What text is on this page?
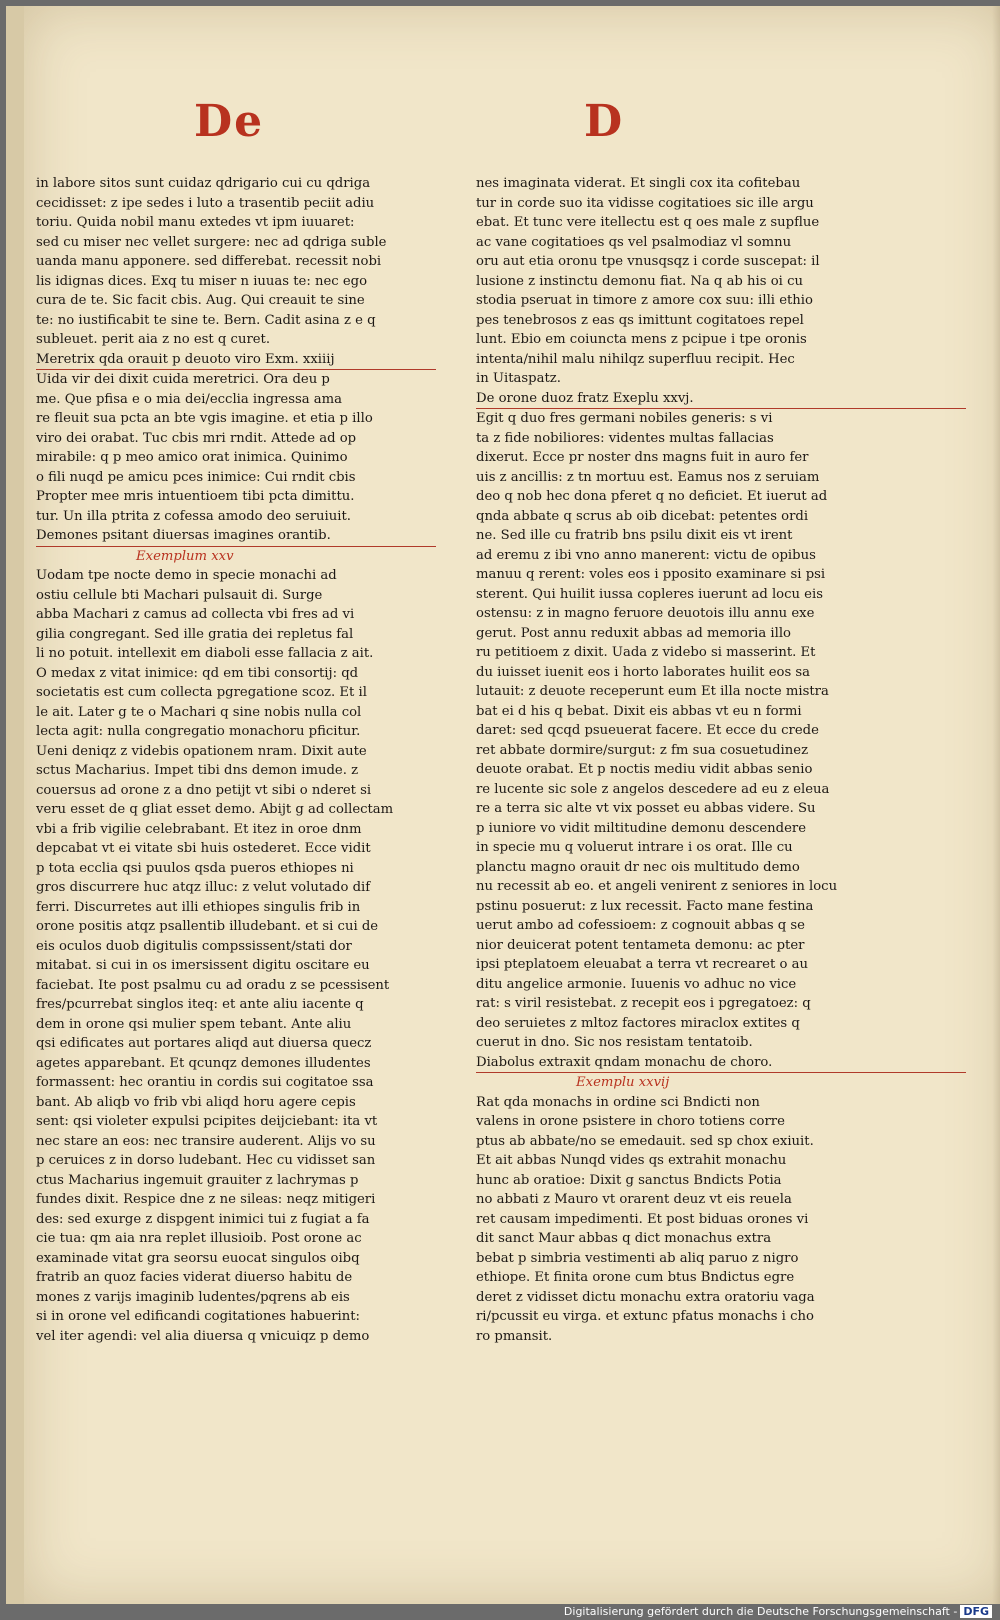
De	D
in labore sitos sunt cuidaz qdrigario cui cu qdriga
cecidisset: z ipe sedes i luto a trasentib peciit adiu
toriu. Quida nobil manu extedes vt ipm iuuaret:
sed cu miser nec vellet surgere: nec ad qdriga suble
uanda manu apponere. sed differebat. recessit nobi
lis idignas dices. Exq tu miser n iuuas te: nec ego
cura de te. Sic facit cbis. Aug. Qui creauit te sine
te: no iustificabit te sine te. Bern. Cadit asina z e q
subleuet. perit aia z no est q curet.
Meretrix qda orauit p deuoto viro Exm. xxiiij
Uida vir dei dixit cuida meretrici. Ora deu p
me. Que pfisa e o mia dei/ecclia ingressa ama
re fleuit sua pcta an bte vgis imagine. et etia p illo
viro dei orabat. Tuc cbis mri rndit. Attede ad op
mirabile: q p meo amico orat inimica. Quinimo
o fili nuqd pe amicu pces inimice: Cui rndit cbis
Propter mee mris intuentioem tibi pcta dimittu.
tur. Un illa ptrita z cofessa amodo deo seruiuit.
Demones psitant diuersas imagines orantib.
Exemplum xxv
Uodam tpe nocte demo in specie monachi ad
ostiu cellule bti Machari pulsauit di. Surge
abba Machari z camus ad collecta vbi fres ad vi
gilia congregant. Sed ille gratia dei repletus fal
li no potuit. intellexit em diaboli esse fallacia z ait.
O medax z vitat inimice: qd em tibi consortij: qd
societatis est cum collecta pgregatione scoz. Et il
le ait. Later g te o Machari q sine nobis nulla col
lecta agit: nulla congregatio monachoru pficitur.
Ueni deniqz z videbis opationem nram. Dixit aute
sctus Macharius. Impet tibi dns demon imude. z
couersus ad orone z a dno petijt vt sibi o nderet si
veru esset de q gliat esset demo. Abijt g ad collectam
vbi a frib vigilie celebrabant. Et itez in oroe dnm
depcabat vt ei vitate sbi huis ostederet. Ecce vidit
p tota ecclia qsi puulos qsda pueros ethiopes ni
gros discurrere huc atqz illuc: z velut volutado dif
ferri. Discurretes aut illi ethiopes singulis frib in
orone positis atqz psallentib illudebant. et si cui de
eis oculos duob digitulis compssissent/stati dor
mitabat. si cui in os imersissent digitu oscitare eu
faciebat. Ite post psalmu cu ad oradu z se pcessisent
fres/pcurrebat singlos iteq: et ante aliu iacente q
dem in orone qsi mulier spem tebant. Ante aliu
qsi edificates aut portares aliqd aut diuersa quecz
agetes apparebant. Et qcunqz demones illudentes
formassent: hec orantiu in cordis sui cogitatoe ssa
bant. Ab aliqb vo frib vbi aliqd horu agere cepis
sent: qsi violeter expulsi pcipites deijciebant: ita vt
nec stare an eos: nec transire auderent. Alijs vo su
p ceruices z in dorso ludebant. Hec cu vidisset san
ctus Macharius ingemuit grauiter z lachrymas p
fundes dixit. Respice dne z ne sileas: neqz mitigeri
des: sed exurge z dispgent inimici tui z fugiat a fa
cie tua: qm aia nra replet illusioib. Post orone ac
examinade vitat gra seorsu euocat singulos oibq
fratrib an quoz facies viderat diuerso habitu de
mones z varijs imaginib ludentes/pqrens ab eis
si in orone vel edificandi cogitationes habuerint:
vel iter agendi: vel alia diuersa q vnicuiqz p demo
nes imaginata viderat. Et singli cox ita cofitebau
tur in corde suo ita vidisse cogitatioes sic ille argu
ebat. Et tunc vere itellectu est q oes male z supflue
ac vane cogitatioes qs vel psalmodiaz vl somnu
oru aut etia oronu tpe vnusqsqz i corde suscepat: il
lusione z instinctu demonu fiat. Na q ab his oi cu
stodia pseruat in timore z amore cox suu: illi ethio
pes tenebrosos z eas qs imittunt cogitatoes repel
lunt. Ebio em coiuncta mens z pcipue i tpe oronis
intenta/nihil malu nihilqz superfluu recipit. Hec
in Uitaspatz.
De orone duoz fratz Exeplu xxvj.
Egit q duo fres germani nobiles generis: s vi
ta z fide nobiliores: videntes multas fallacias
dixerut. Ecce pr noster dns magns fuit in auro fer
uis z ancillis: z tn mortuu est. Eamus nos z seruiam
deo q nob hec dona pferet q no deficiet. Et iuerut ad
qnda abbate q scrus ab oib dicebat: petentes ordi
ne. Sed ille cu fratrib bns psilu dixit eis vt irent
ad eremu z ibi vno anno manerent: victu de opibus
manuu q rerent: voles eos i pposito examinare si psi
sterent. Qui huilit iussa copleres iuerunt ad locu eis
ostensu: z in magno feruore deuotois illu annu exe
gerut. Post annu reduxit abbas ad memoria illo
ru petitioem z dixit. Uada z videbo si masserint. Et
du iuisset iuenit eos i horto laborates huilit eos sa
lutauit: z deuote receperunt eum Et illa nocte mistra
bat ei d his q bebat. Dixit eis abbas vt eu n formi
daret: sed qcqd psueuerat facere. Et ecce du crede
ret abbate dormire/surgut: z fm sua cosuetudinez
deuote orabat. Et p noctis mediu vidit abbas senio
re lucente sic sole z angelos descedere ad eu z eleua
re a terra sic alte vt vix posset eu abbas videre. Su
p iuniore vo vidit miltitudine demonu descendere
in specie mu q voluerut intrare i os orat. Ille cu
planctu magno orauit dr nec ois multitudo demo
nu recessit ab eo. et angeli venirent z seniores in locu
pstinu posuerut: z lux recessit. Facto mane festina
uerut ambo ad cofessioem: z cognouit abbas q se
nior deuicerat potent tentameta demonu: ac pter
ipsi pteplatoem eleuabat a terra vt recrearet o au
ditu angelice armonie. Iuuenis vo adhuc no vice
rat: s viril resistebat. z recepit eos i pgregatoez: q
deo seruietes z mltoz factores miraclox extites q
cuerut in dno. Sic nos resistam tentatoib.
Diabolus extraxit qndam monachu de choro.
Exemplu xxvij
Rat qda monachs in ordine sci Bndicti non
valens in orone psistere in choro totiens corre
ptus ab abbate/no se emedauit. sed sp chox exiuit.
Et ait abbas Nunqd vides qs extrahit monachu
hunc ab oratioe: Dixit g sanctus Bndicts Potia
no abbati z Mauro vt orarent deuz vt eis reuela
ret causam impedimenti. Et post biduas orones vi
dit sanct Maur abbas q dict monachus extra
bebat p simbria vestimenti ab aliq paruo z nigro
ethiope. Et finita orone cum btus Bndictus egre
deret z vidisset dictu monachu extra oratoriu vaga
ri/pcussit eu virga. et extunc pfatus monachs i cho
ro pmansit.
Digitalisierung gefördert durch die Deutsche Forschungsgemeinschaft - DFG
